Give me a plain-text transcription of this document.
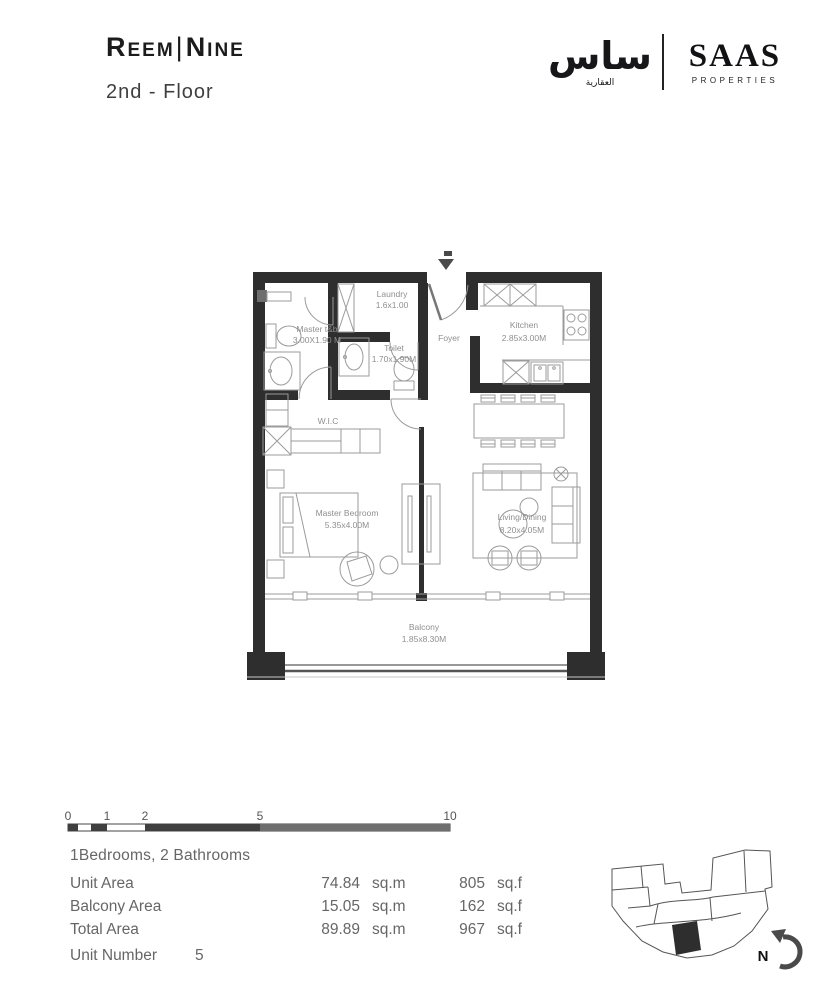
Reem|Nine
2nd - Floor
ساس
العقارية
SAAS
PROPERTIES
Master t&b
3.00X1.90 M
Laundry
1.6x1.00
Toilet
1.70x1.90M
Foyer
Kitchen
2.85x3.00M
W.I.C
Master Bedroom
5.35x4.00M
Living/Dining
8.20x4.05M
Balcony
1.85x8.30M
0	1	2	5	10
N
1Bedrooms, 2 Bathrooms
Unit Area	74.84 sq.m	805 sq.f
Balcony Area	15.05 sq.m	162 sq.f
Total Area	89.89 sq.m	967 sq.f
Unit Number	5
